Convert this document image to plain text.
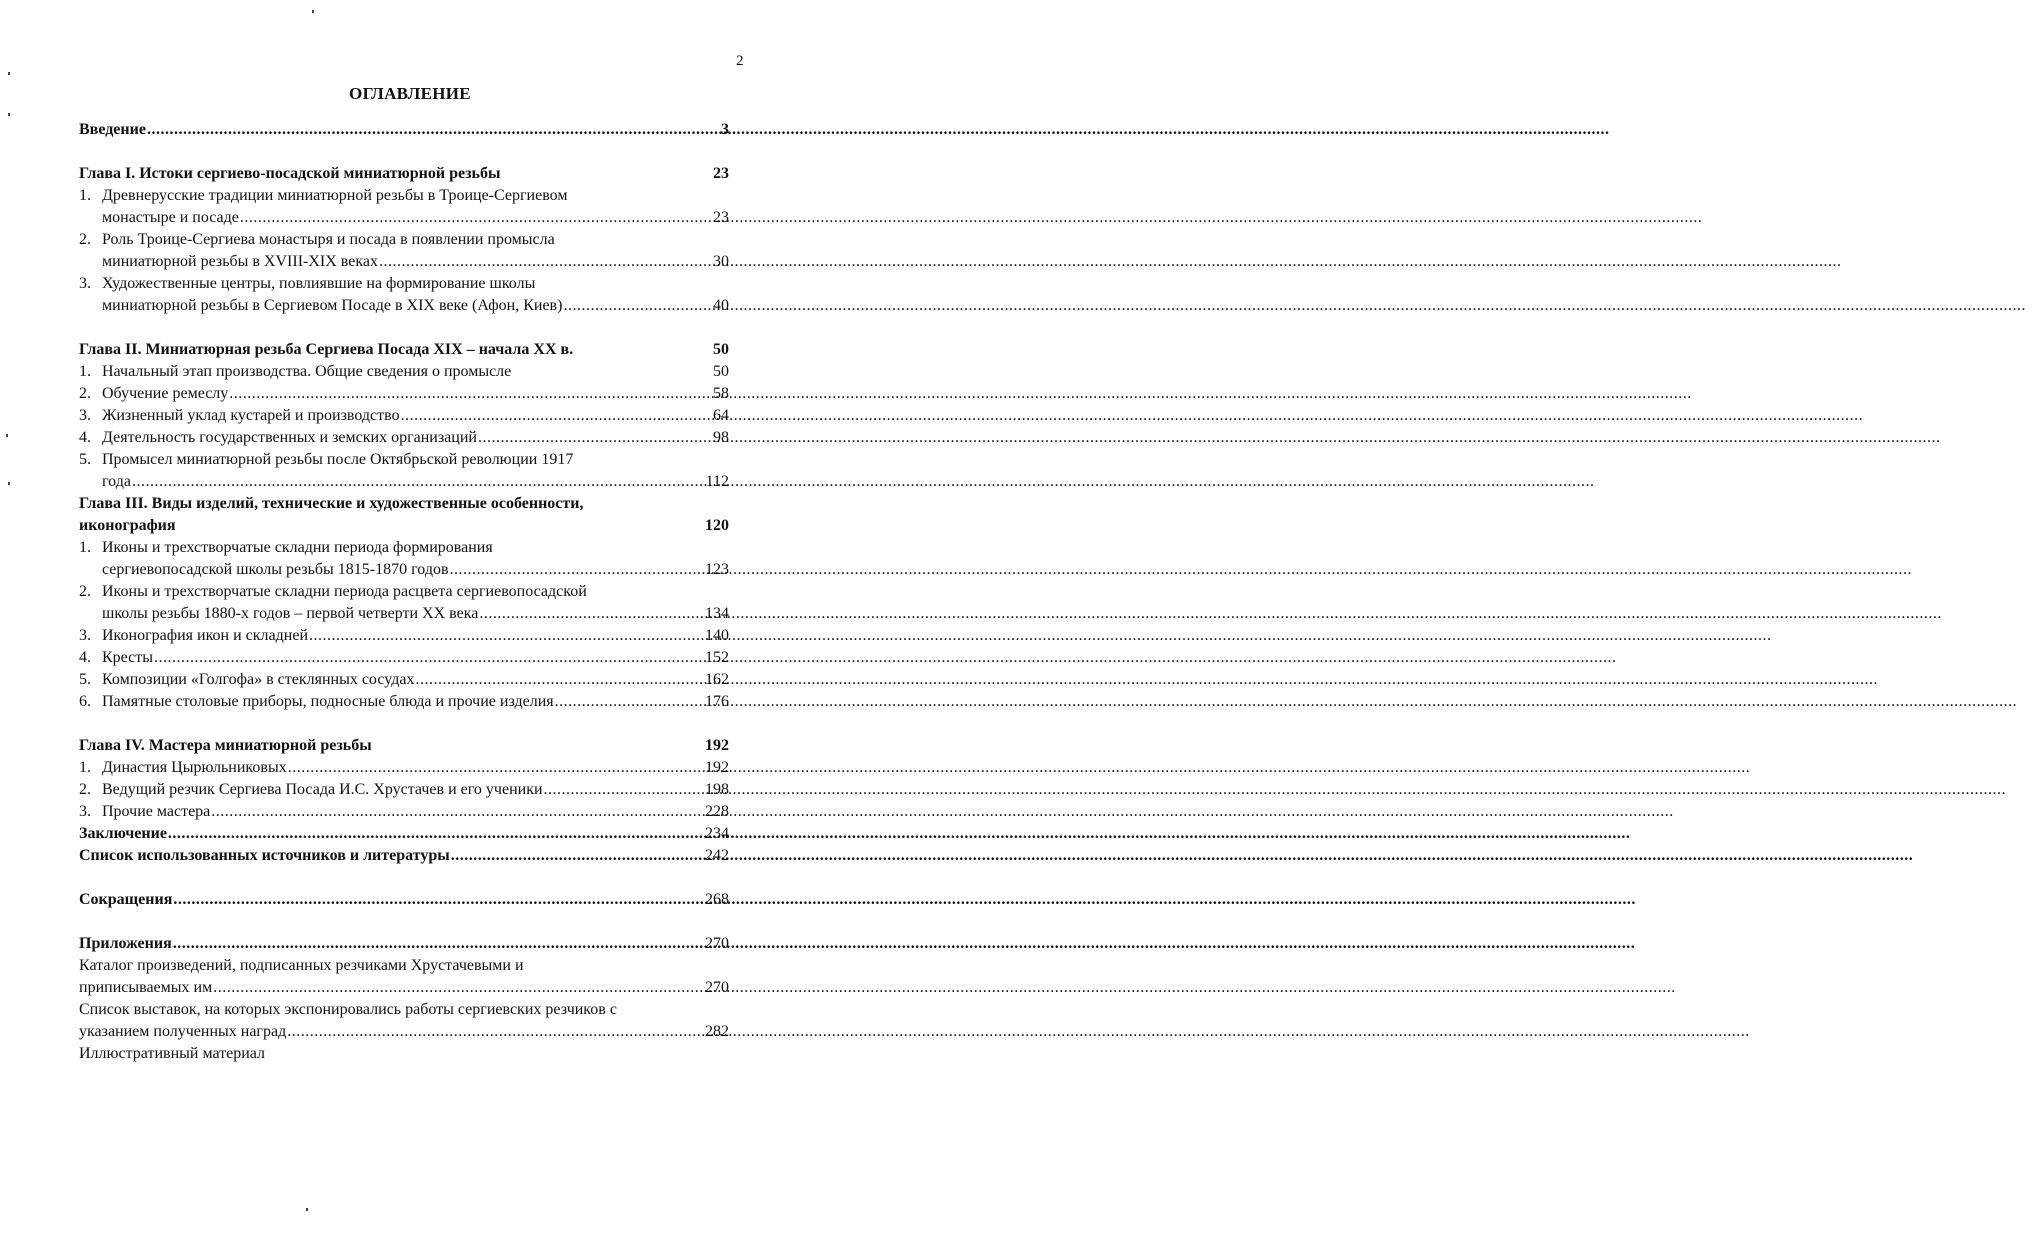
2
ОГЛАВЛЕНИЕ
Введение .....	3
Глава I. Истоки сергиево-посадской миниатюрной резьбы	23
1. Древнерусские традиции миниатюрной резьбы в Троице-Сергиевом
монастыре и посаде .....	23
2. Роль Троице-Сергиева монастыря и посада в появлении промысла
миниатюрной резьбы в XVIII-XIX веках .....	30
3. Художественные центры, повлиявшие на формирование школы
миниатюрной резьбы в Сергиевом Посаде в XIX веке (Афон, Киев) .....	40
Глава II. Миниатюрная резьба Сергиева Посада XIX – начала XX в.	50
1. Начальный этап производства. Общие сведения о промысле	50
2. Обучение ремеслу .....	58
3. Жизненный уклад кустарей и производство .....	64
4. Деятельность государственных и земских организаций .....	98
5. Промысел миниатюрной резьбы после Октябрьской революции 1917
года .....	112
Глава III. Виды изделий, технические и художественные особенности,
иконография	120
1. Иконы и трехстворчатые складни периода формирования
сергиевопосадской школы резьбы 1815-1870 годов .....	123
2. Иконы и трехстворчатые складни периода расцвета сергиевопосадской
школы резьбы 1880-х годов – первой четверти XX века .....	134
3. Иконография икон и складней .....	140
4. Кресты .....	152
5. Композиции «Голгофа» в стеклянных сосудах .....	162
6. Памятные столовые приборы, подносные блюда и прочие изделия .....	176
Глава IV. Мастера миниатюрной резьбы	192
1. Династия Цырюльниковых .....	192
2. Ведущий резчик Сергиева Посада И.С. Хрустачев и его ученики .....	198
3. Прочие мастера .....	228
Заключение .....	234
Список использованных источников и литературы .....	242
Сокращения .....	268
Приложения .....	270
Каталог произведений, подписанных резчиками Хрустачевыми и
приписываемых им .....	270
Список выставок, на которых экспонировались работы сергиевских резчиков с
указанием полученных наград .....	282
Иллюстративный материал
